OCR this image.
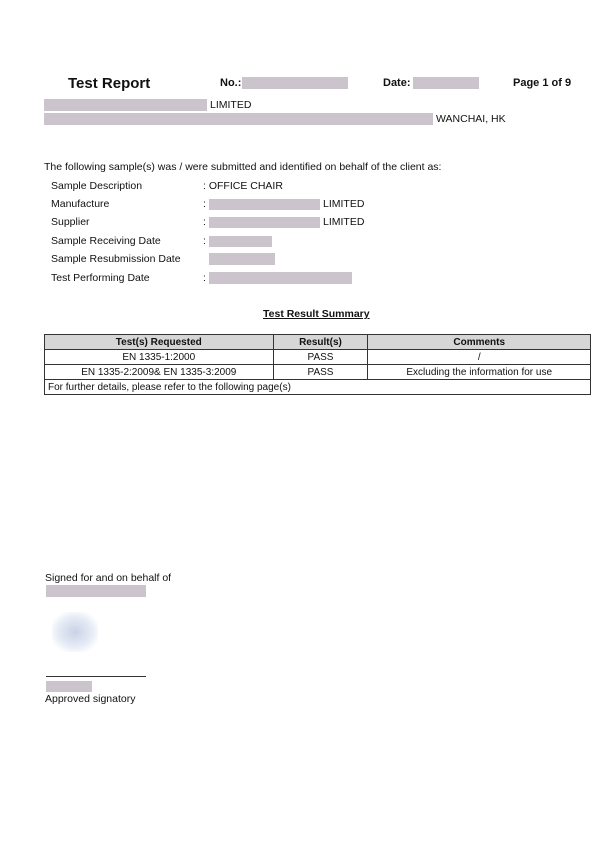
Test Report	No.:	Date:	Page 1 of 9
LIMITED
WANCHAI, HK
The following sample(s) was / were submitted and identified on behalf of the client as:
Sample Description	: OFFICE CHAIR
Manufacture	:	LIMITED
Supplier	:	LIMITED
Sample Receiving Date	:
Sample Resubmission Date
Test Performing Date	:
Test Result Summary
Test(s) Requested	Result(s)	Comments
EN 1335-1:2000	PASS	/
EN 1335-2:2009& EN 1335-3:2009	PASS	Excluding the information for use
For further details, please refer to the following page(s)		
Signed for and on behalf of
Approved signatory
